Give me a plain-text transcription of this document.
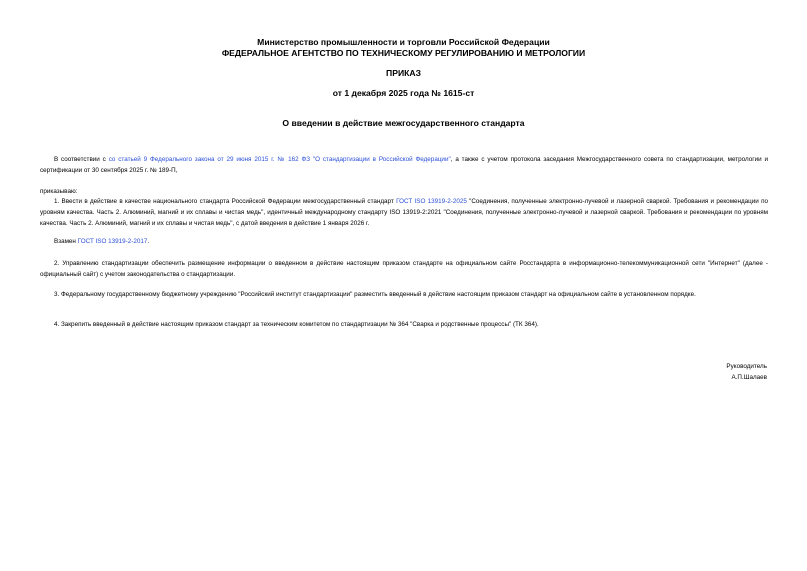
Министерство промышленности и торговли Российской Федерации
ФЕДЕРАЛЬНОЕ АГЕНТСТВО ПО ТЕХНИЧЕСКОМУ РЕГУЛИРОВАНИЮ И МЕТРОЛОГИИ
ПРИКАЗ
от 1 декабря 2025 года № 1615-ст
О введении в действие межгосударственного стандарта
В соответствии с со статьей 9 Федерального закона от 29 июня 2015 г. № 162 ФЗ "О стандартизации в Российской Федерации", а также с учетом протокола заседания Межгосударственного совета по стандартизации, метрологии и сертификации от 30 сентября 2025 г. № 189-П,
приказываю:
1. Ввести в действие в качестве национального стандарта Российской Федерации межгосударственный стандарт ГОСТ ISO 13919-2-2025 "Соединения, полученные электронно-лучевой и лазерной сваркой. Требования и рекомендации по уровням качества. Часть 2. Алюминий, магний и их сплавы и чистая медь", идентичный международному стандарту ISO 13919-2:2021 "Соединения, полученные электронно-лучевой и лазерной сваркой. Требования и рекомендации по уровням качества. Часть 2. Алюминий, магний и их сплавы и чистая медь", с датой введения в действие 1 января 2026 г.
Взамен ГОСТ ISO 13919-2-2017.
2. Управлению стандартизации обеспечить размещение информации о введенном в действие настоящим приказом стандарте на официальном сайте Росстандарта в информационно-телекоммуникационной сети "Интернет" (далее - официальный сайт) с учетом законодательства о стандартизации.
3. Федеральному государственному бюджетному учреждению "Российский институт стандартизации" разместить введенный в действие настоящим приказом стандарт на официальном сайте в установленном порядке.
4. Закрепить введенный в действие настоящим приказом стандарт за техническим комитетом по стандартизации № 364 "Сварка и родственные процессы" (ТК 364).
Руководитель
А.П.Шалаев
